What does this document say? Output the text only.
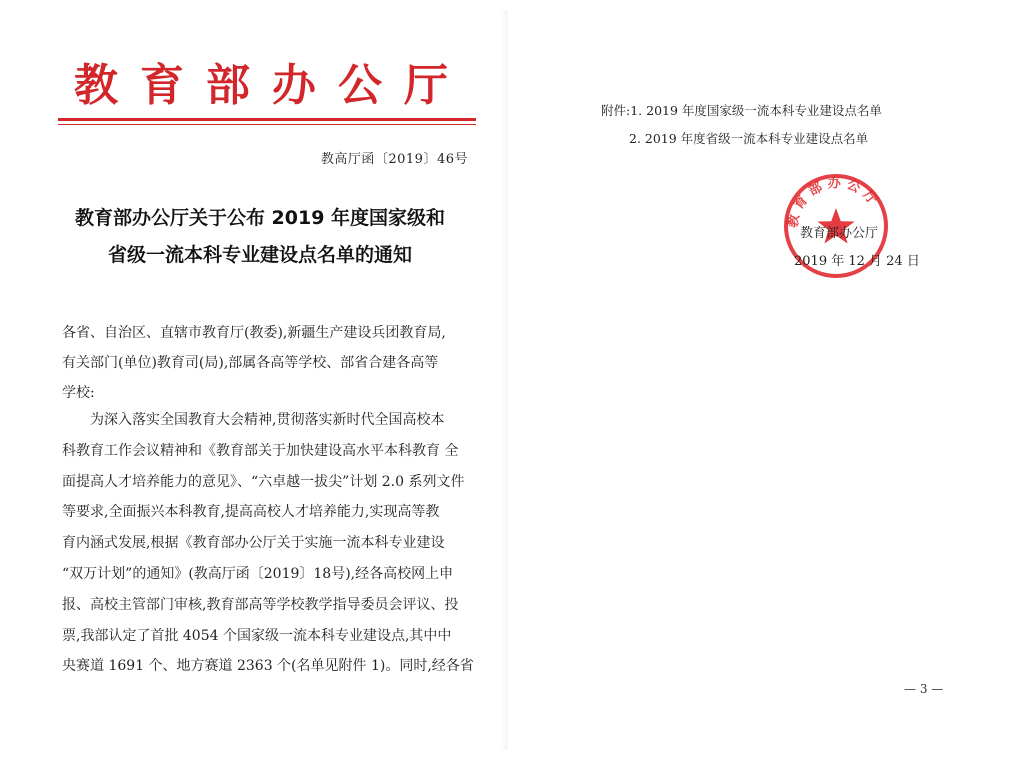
教育部办公厅
教高厅函〔2019〕46号
教育部办公厅关于公布 2019 年度国家级和
省级一流本科专业建设点名单的通知
各省、自治区、直辖市教育厅(教委),新疆生产建设兵团教育局,
有关部门(单位)教育司(局),部属各高等学校、部省合建各高等
学校:
为深入落实全国教育大会精神,贯彻落实新时代全国高校本
科教育工作会议精神和《教育部关于加快建设高水平本科教育 全
面提高人才培养能力的意见》、“六卓越一拔尖”计划 2.0 系列文件
等要求,全面振兴本科教育,提高高校人才培养能力,实现高等教
育内涵式发展,根据《教育部办公厅关于实施一流本科专业建设
“双万计划”的通知》(教高厅函〔2019〕18号),经各高校网上申
报、高校主管部门审核,教育部高等学校教学指导委员会评议、投
票,我部认定了首批 4054 个国家级一流本科专业建设点,其中中
央赛道 1691 个、地方赛道 2363 个(名单见附件 1)。同时,经各省
附件:1. 2019 年度国家级一流本科专业建设点名单
2. 2019 年度省级一流本科专业建设点名单
教育部办公厅
教育部办公厅
2019 年 12 月 24 日
— 3 —
